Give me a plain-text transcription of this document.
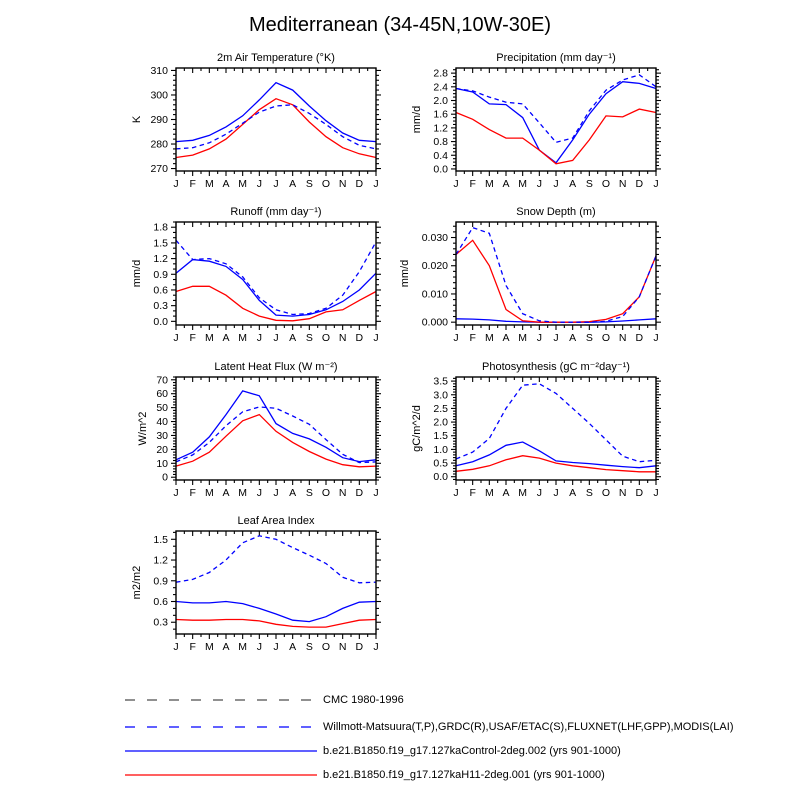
Mediterranean (34-45N,10W-30E)
2m Air Temperature (°K)
270
280
290
300
310
J F M A M J J A S O N D J
K
Precipitation (mm day⁻¹)
0.0
0.4
0.8
1.2
1.6
2.0
2.4
2.8
J F M A M J J A S O N D J
mm/d
Runoff (mm day⁻¹)
0.0
0.3
0.6
0.9
1.2
1.5
1.8
J F M A M J J A S O N D J
mm/d
Snow Depth (m)
0.000
0.010
0.020
0.030
J F M A M J J A S O N D J
mm/d
Latent Heat Flux (W m⁻²)
0
10
20
30
40
50
60
70
J F M A M J J A S O N D J
W/m^2
Photosynthesis (gC m⁻²day⁻¹)
0.0
0.5
1.0
1.5
2.0
2.5
3.0
3.5
J F M A M J J A S O N D J
gC/m^2/d
Leaf Area Index
0.3
0.6
0.9
1.2
1.5
J F M A M J J A S O N D J
m2/m2
CMC 1980-1996
Willmott-Matsuura(T,P),GRDC(R),USAF/ETAC(S),FLUXNET(LHF,GPP),MODIS(LAI)
b.e21.B1850.f19_g17.127kaControl-2deg.002 (yrs 901-1000)
b.e21.B1850.f19_g17.127kaH11-2deg.001 (yrs 901-1000)
